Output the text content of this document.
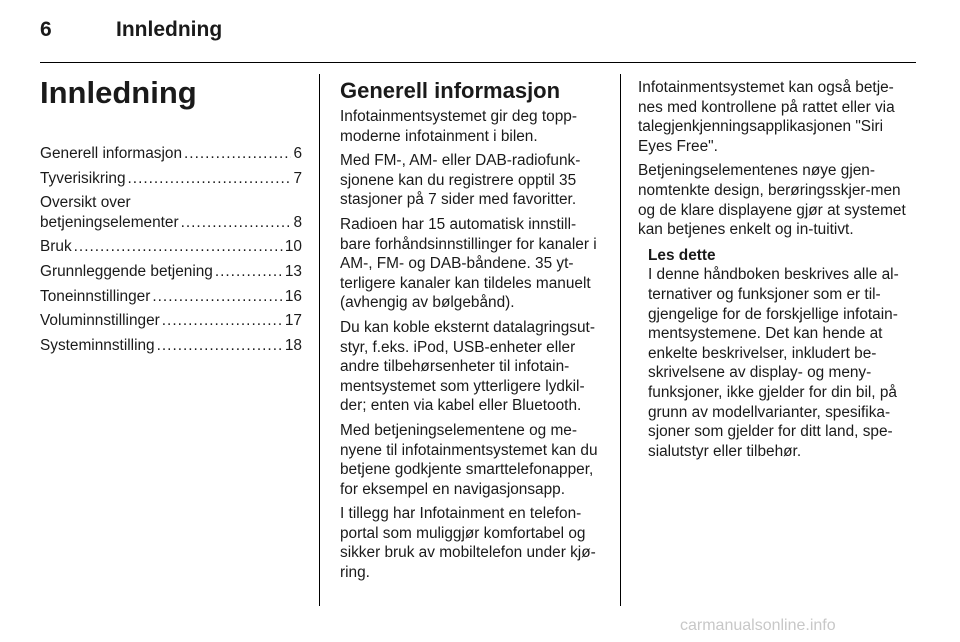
6	Innledning
Innledning
Generell informasjon .....	6
Tyverisikring .....	7
Oversikt over
betjeningselementer .....	8
Bruk .....	10
Grunnleggende betjening .....	13
Toneinnstillinger .....	16
Voluminnstillinger .....	17
Systeminnstilling .....	18
Generell informasjon

Infotainmentsystemet gir deg topp-moderne infotainment i bilen.

Med FM-, AM- eller DAB-radiofunk-sjonene kan du registrere opptil 35 stasjoner på 7 sider med favoritter.

Radioen har 15 automatisk innstill-bare forhåndsinnstillinger for kanaler i AM-, FM- og DAB-båndene. 35 yt-terligere kanaler kan tildeles manuelt (avhengig av bølgebånd).

Du kan koble eksternt datalagringsut-styr, f.eks. iPod, USB-enheter eller andre tilbehørsenheter til infotain-mentsystemet som ytterligere lydkil-der; enten via kabel eller Bluetooth.

Med betjeningselementene og me-nyene til infotainmentsystemet kan du betjene godkjente smarttelefonapper, for eksempel en navigasjonsapp.

I tillegg har Infotainment en telefon-portal som muliggjør komfortabel og sikker bruk av mobiltelefon under kjø-ring.

Infotainmentsystemet kan også betje-nes med kontrollene på rattet eller via talegjenkjenningsapplikasjonen "Siri Eyes Free".

Betjeningselementenes nøye gjen-nomtenkte design, berøringsskjer-men og de klare displayene gjør at systemet kan betjenes enkelt og in-tuitivt.

Les dette
I denne håndboken beskrives alle al-ternativer og funksjoner som er til-gjengelige for de forskjellige infotain-mentsystemene. Det kan hende at enkelte beskrivelser, inkludert be-skrivelsene av display- og meny-funksjoner, ikke gjelder for din bil, på grunn av modellvarianter, spesifika-sjoner som gjelder for ditt land, spe-sialutstyr eller tilbehør.
carmanualsonline.info
